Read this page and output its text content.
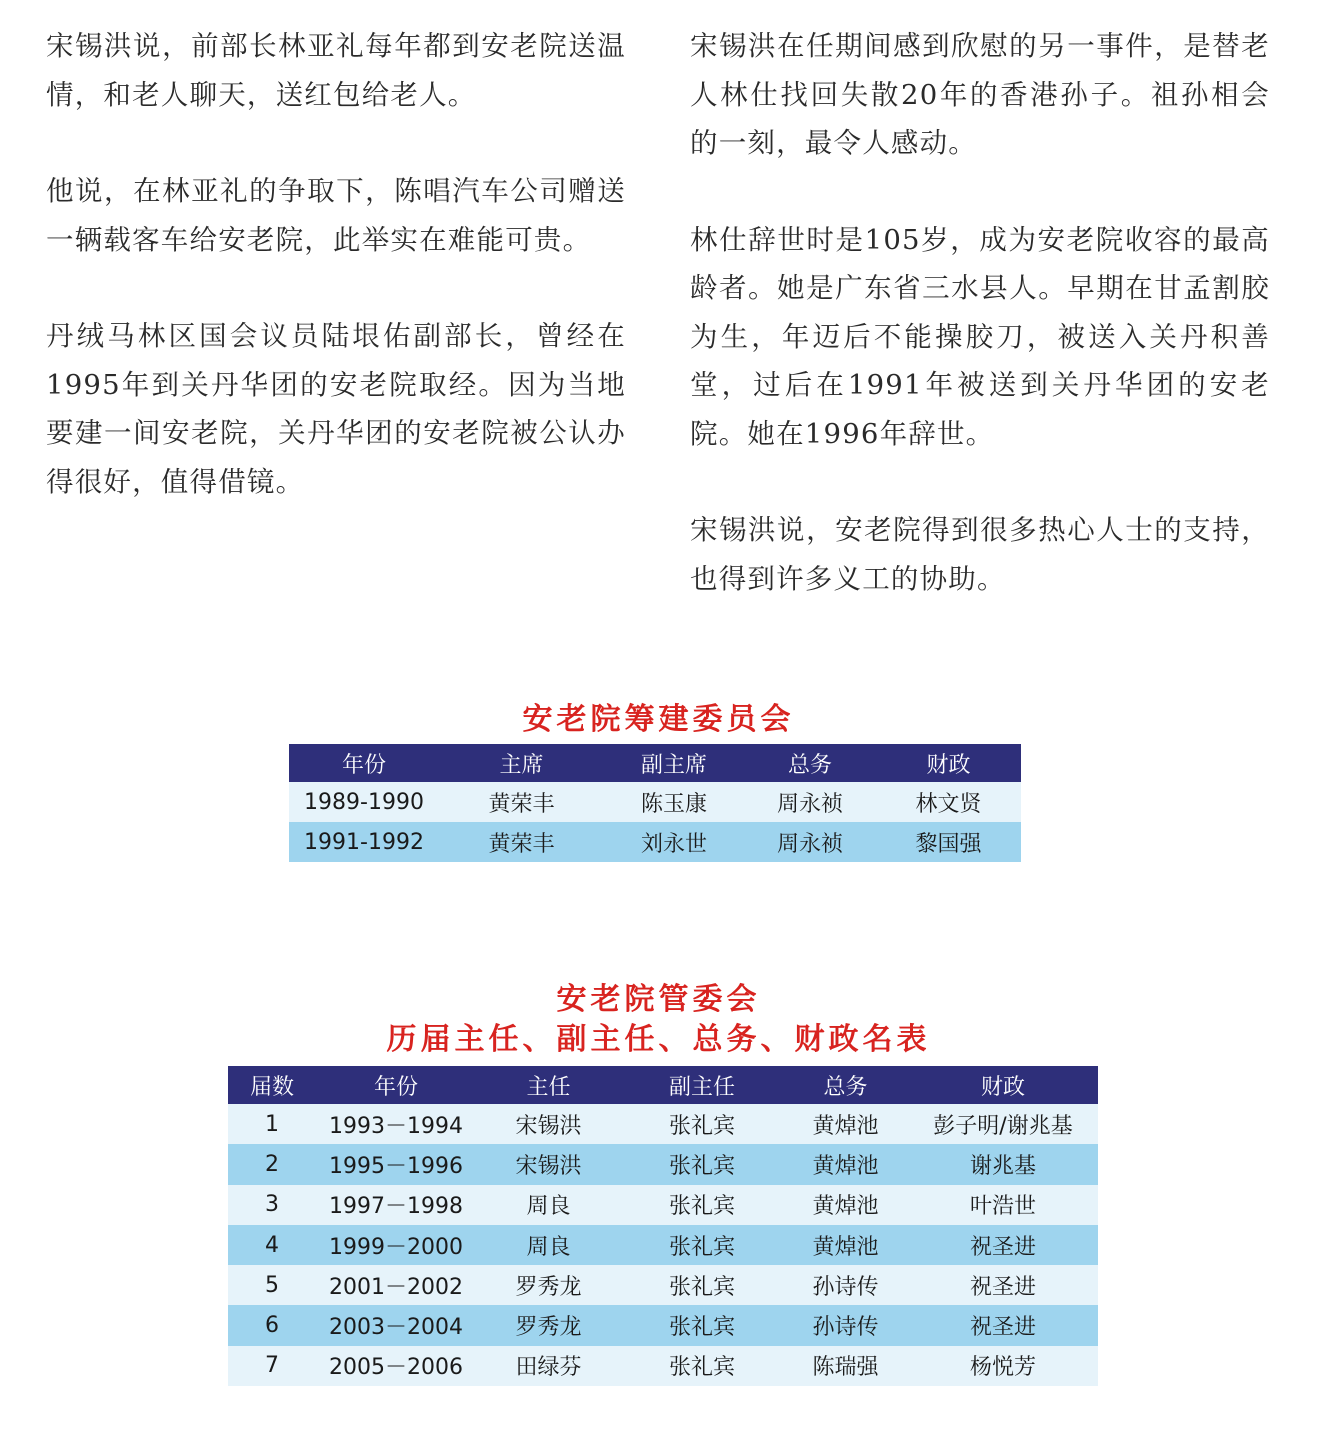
宋锡洪说，前部长林亚礼每年都到安老院送温情，和老人聊天，送红包给老人。

他说，在林亚礼的争取下，陈唱汽车公司赠送一辆载客车给安老院，此举实在难能可贵。

丹绒马林区国会议员陆垠佑副部长，曾经在1995年到关丹华团的安老院取经。因为当地要建一间安老院，关丹华团的安老院被公认办得很好，值得借镜。

宋锡洪在任期间感到欣慰的另一事件，是替老人林仕找回失散20年的香港孙子。祖孙相会的一刻，最令人感动。

林仕辞世时是105岁，成为安老院收容的最高龄者。她是广东省三水县人。早期在甘孟割胶为生，年迈后不能操胶刀，被送入关丹积善堂，过后在1991年被送到关丹华团的安老院。她在1996年辞世。

宋锡洪说，安老院得到很多热心人士的支持，也得到许多义工的协助。

安老院筹建委员会
年份	主席	副主席	总务	财政
1989-1990	黄荣丰	陈玉康	周永祯	林文贤
1991-1992	黄荣丰	刘永世	周永祯	黎国强
安老院管委会
历届主任、副主任、总务、财政名表
届数	年份	主任	副主任	总务	财政
1	1993－1994	宋锡洪	张礼宾	黄焯池	彭子明/谢兆基
2	1995－1996	宋锡洪	张礼宾	黄焯池	谢兆基
3	1997－1998	周良	张礼宾	黄焯池	叶浩世
4	1999－2000	周良	张礼宾	黄焯池	祝圣进
5	2001－2002	罗秀龙	张礼宾	孙诗传	祝圣进
6	2003－2004	罗秀龙	张礼宾	孙诗传	祝圣进
7	2005－2006	田绿芬	张礼宾	陈瑞强	杨悦芳
